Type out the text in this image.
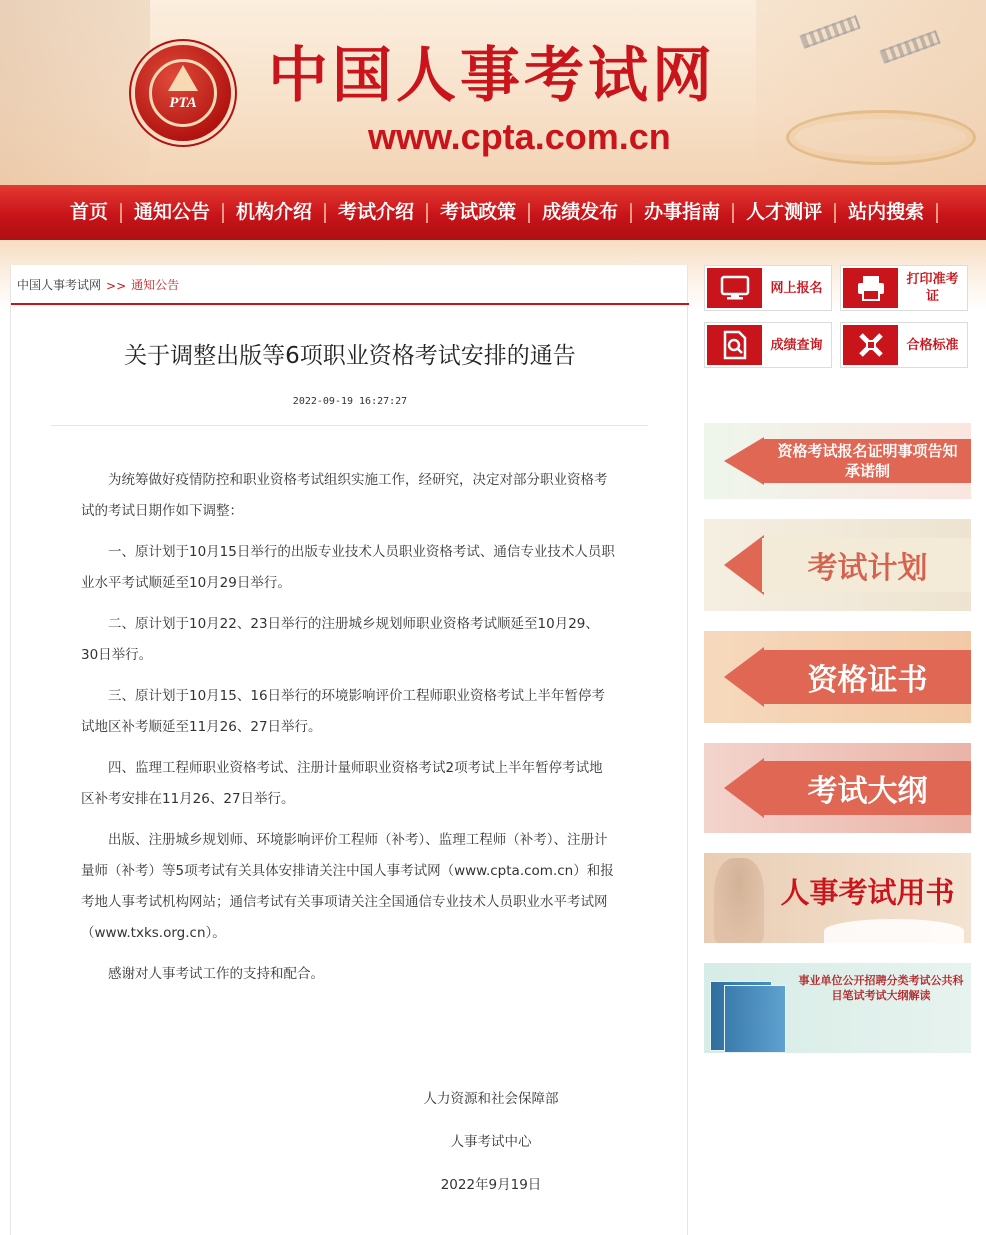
PTA	中国人事考试网
www.cpta.com.cn
首页	通知公告	机构介绍	考试介绍	考试政策	成绩发布	办事指南	人才测评	站内搜索
中国人事考试网 >> 通知公告
关于调整出版等6项职业资格考试安排的通告
2022-09-19 16:27:27

为统筹做好疫情防控和职业资格考试组织实施工作，经研究，决定对部分职业资格考试的考试日期作如下调整：

一、原计划于10月15日举行的出版专业技术人员职业资格考试、通信专业技术人员职业水平考试顺延至10月29日举行。

二、原计划于10月22、23日举行的注册城乡规划师职业资格考试顺延至10月29、30日举行。

三、原计划于10月15、16日举行的环境影响评价工程师职业资格考试上半年暂停考试地区补考顺延至11月26、27日举行。

四、监理工程师职业资格考试、注册计量师职业资格考试2项考试上半年暂停考试地区补考安排在11月26、27日举行。

出版、注册城乡规划师、环境影响评价工程师（补考）、监理工程师（补考）、注册计量师（补考）等5项考试有关具体安排请关注中国人事考试网（www.cpta.com.cn）和报考地人事考试机构网站；通信考试有关事项请关注全国通信专业技术人员职业水平考试网（www.txks.org.cn）。

感谢对人事考试工作的支持和配合。

人力资源和社会保障部
人事考试中心
2022年9月19日
网上报名
打印准考证
成绩查询	合格标准
资格考试报名证明事项告知承诺制
考试计划
资格证书
考试大纲
人事考试用书
事业单位公开招聘分类考试公共科目笔试考试大纲解读
